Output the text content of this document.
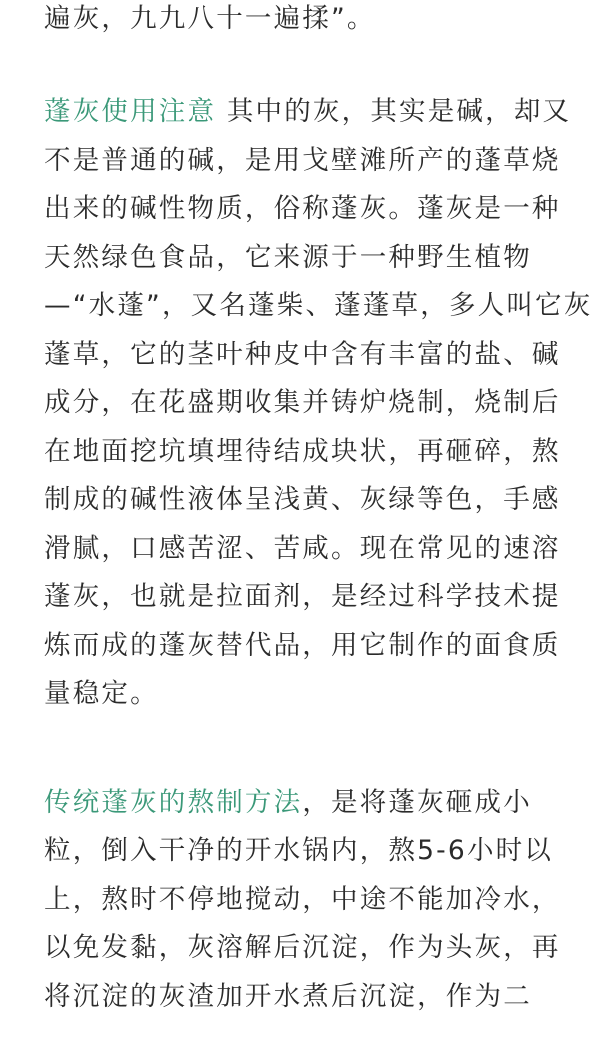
遍灰，九九八十一遍揉”。
蓬灰使用注意 其中的灰，其实是碱，却又
不是普通的碱，是用戈壁滩所产的蓬草烧
出来的碱性物质，俗称蓬灰。蓬灰是一种
天然绿色食品，它来源于一种野生植物
—“水蓬”，又名蓬柴、蓬蓬草，多人叫它灰
蓬草，它的茎叶种皮中含有丰富的盐、碱
成分，在花盛期收集并铸炉烧制，烧制后
在地面挖坑填埋待结成块状，再砸碎，熬
制成的碱性液体呈浅黄、灰绿等色，手感
滑腻，口感苦涩、苦咸。现在常见的速溶
蓬灰，也就是拉面剂，是经过科学技术提
炼而成的蓬灰替代品，用它制作的面食质
量稳定。
传统蓬灰的熬制方法，是将蓬灰砸成小
粒，倒入干净的开水锅内，熬5-6小时以
上，熬时不停地搅动，中途不能加冷水，
以免发黏，灰溶解后沉淀，作为头灰，再
将沉淀的灰渣加开水煮后沉淀，作为二
